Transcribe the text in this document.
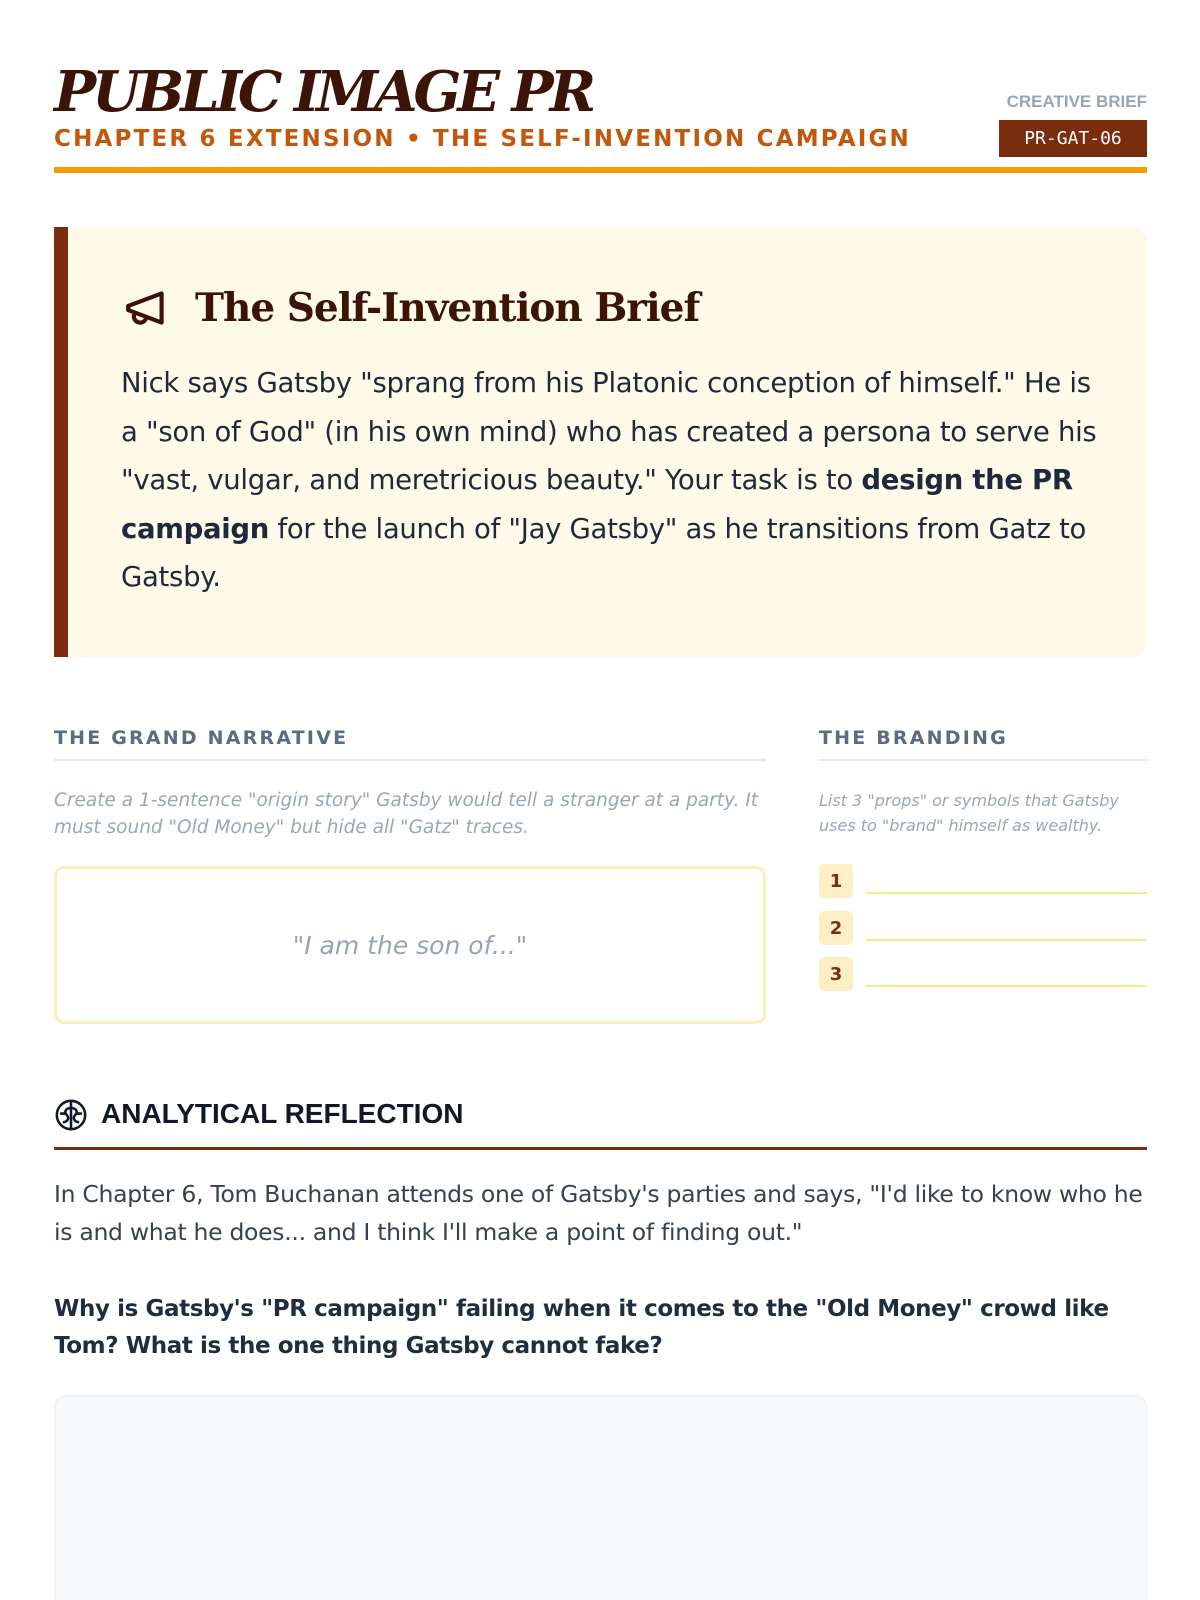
PUBLIC IMAGE PR
CHAPTER 6 EXTENSION • THE SELF-INVENTION CAMPAIGN
CREATIVE BRIEF
PR-GAT-06
The Self-Invention Brief

Nick says Gatsby "sprang from his Platonic conception of himself." He is a "son of God" (in his own mind) who has created a persona to serve his "vast, vulgar, and meretricious beauty." Your task is to design the PR campaign for the launch of "Jay Gatsby" as he transitions from Gatz to Gatsby.

THE GRAND NARRATIVE
Create a 1-sentence "origin story" Gatsby would tell a stranger at a party. It must sound "Old Money" but hide all "Gatz" traces.
"I am the son of..."
THE BRANDING
List 3 "props" or symbols that Gatsby uses to "brand" himself as wealthy.
1
2
3
ANALYTICAL REFLECTION

In Chapter 6, Tom Buchanan attends one of Gatsby's parties and says, "I'd like to know who he is and what he does... and I think I'll make a point of finding out."

Why is Gatsby's "PR campaign" failing when it comes to the "Old Money" crowd like Tom? What is the one thing Gatsby cannot fake?
